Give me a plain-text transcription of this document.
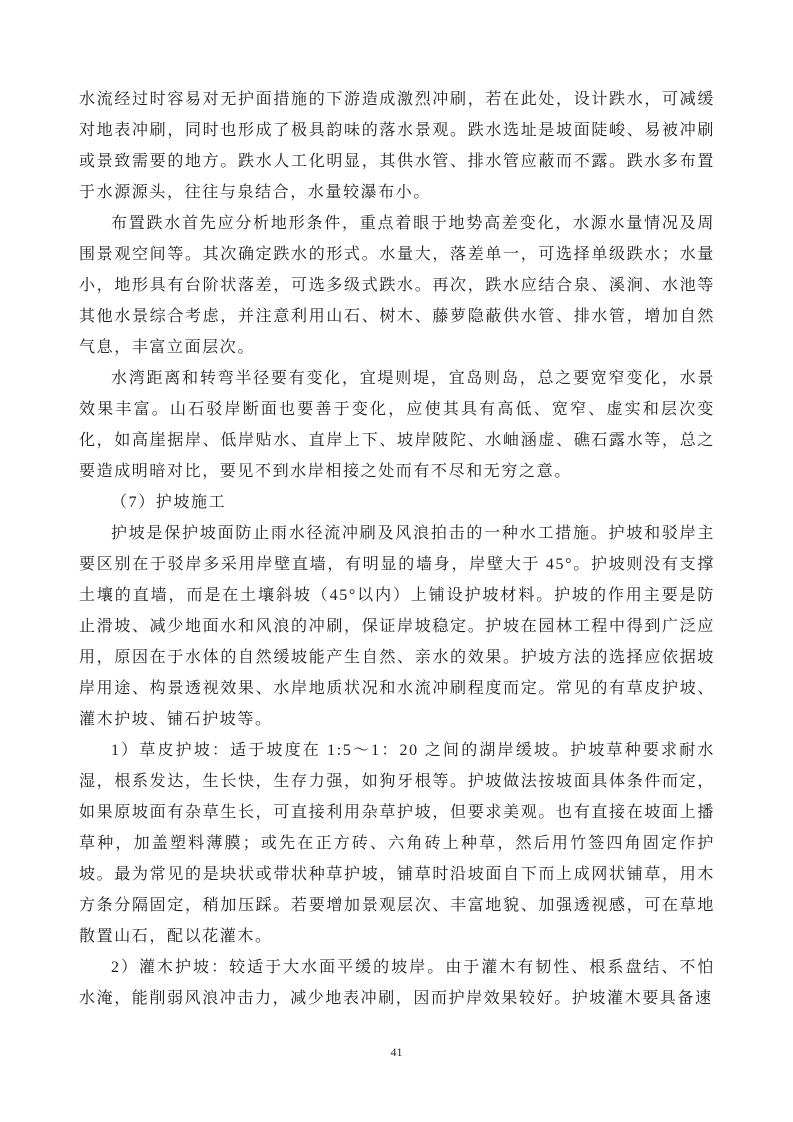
水流经过时容易对无护面措施的下游造成激烈冲刷，若在此处，设计跌水，可减缓对地表冲刷，同时也形成了极具韵味的落水景观。跌水选址是坡面陡峻、易被冲刷或景致需要的地方。跌水人工化明显，其供水管、排水管应蔽而不露。跌水多布置于水源源头，往往与泉结合，水量较瀑布小。

布置跌水首先应分析地形条件，重点着眼于地势高差变化，水源水量情况及周围景观空间等。其次确定跌水的形式。水量大，落差单一，可选择单级跌水；水量小，地形具有台阶状落差，可选多级式跌水。再次，跌水应结合泉、溪涧、水池等其他水景综合考虑，并注意利用山石、树木、藤萝隐蔽供水管、排水管，增加自然气息，丰富立面层次。

水湾距离和转弯半径要有变化，宜堤则堤，宜岛则岛，总之要宽窄变化，水景效果丰富。山石驳岸断面也要善于变化，应使其具有高低、宽窄、虚实和层次变化，如高崖据岸、低岸贴水、直岸上下、坡岸陂陀、水岫涵虚、礁石露水等，总之要造成明暗对比，要见不到水岸相接之处而有不尽和无穷之意。

（7）护坡施工

护坡是保护坡面防止雨水径流冲刷及风浪拍击的一种水工措施。护坡和驳岸主要区别在于驳岸多采用岸壁直墙，有明显的墙身，岸壁大于 45°。护坡则没有支撑土壤的直墙，而是在土壤斜坡（45°以内）上铺设护坡材料。护坡的作用主要是防止滑坡、减少地面水和风浪的冲刷，保证岸坡稳定。护坡在园林工程中得到广泛应用，原因在于水体的自然缓坡能产生自然、亲水的效果。护坡方法的选择应依据坡岸用途、构景透视效果、水岸地质状况和水流冲刷程度而定。常见的有草皮护坡、灌木护坡、铺石护坡等。

1）草皮护坡：适于坡度在 1:5～1：20 之间的湖岸缓坡。护坡草种要求耐水湿，根系发达，生长快，生存力强，如狗牙根等。护坡做法按坡面具体条件而定，如果原坡面有杂草生长，可直接利用杂草护坡，但要求美观。也有直接在坡面上播草种，加盖塑料薄膜；或先在正方砖、六角砖上种草，然后用竹签四角固定作护坡。最为常见的是块状或带状种草护坡，铺草时沿坡面自下而上成网状铺草，用木方条分隔固定，稍加压踩。若要增加景观层次、丰富地貌、加强透视感，可在草地散置山石，配以花灌木。

2）灌木护坡：较适于大水面平缓的坡岸。由于灌木有韧性、根系盘结、不怕水淹，能削弱风浪冲击力，减少地表冲刷，因而护岸效果较好。护坡灌木要具备速

41
